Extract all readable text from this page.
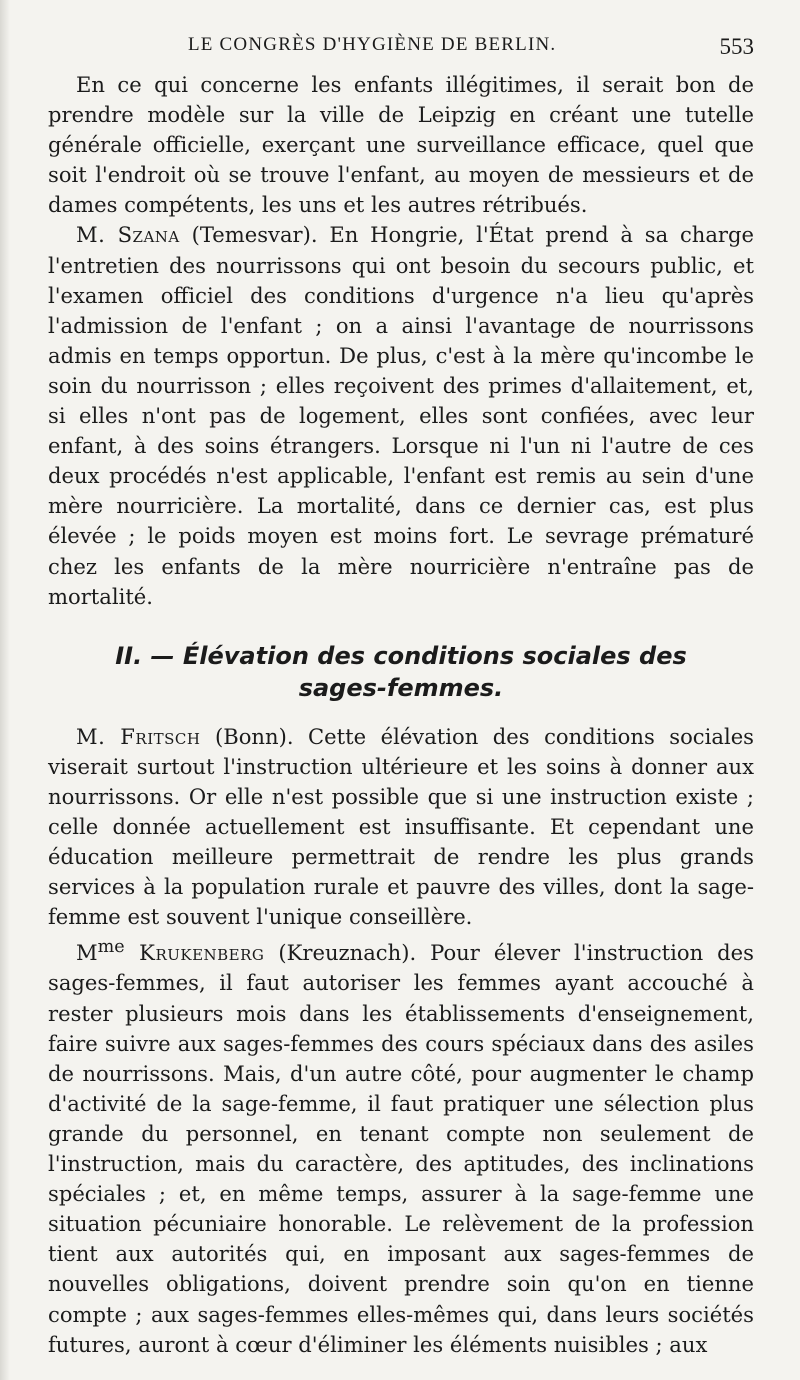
LE CONGRÈS D'HYGIÈNE DE BERLIN.	553

En ce qui concerne les enfants illégitimes, il serait bon de prendre modèle sur la ville de Leipzig en créant une tutelle générale officielle, exerçant une surveillance efficace, quel que soit l'endroit où se trouve l'enfant, au moyen de messieurs et de dames compétents, les uns et les autres rétribués.

M. Szana (Temesvar). En Hongrie, l'État prend à sa charge l'entretien des nourrissons qui ont besoin du secours public, et l'examen officiel des conditions d'urgence n'a lieu qu'après l'admission de l'enfant ; on a ainsi l'avantage de nourrissons admis en temps opportun. De plus, c'est à la mère qu'incombe le soin du nourrisson ; elles reçoivent des primes d'allaitement, et, si elles n'ont pas de logement, elles sont confiées, avec leur enfant, à des soins étrangers. Lorsque ni l'un ni l'autre de ces deux procédés n'est applicable, l'enfant est remis au sein d'une mère nourricière. La mortalité, dans ce dernier cas, est plus élevée ; le poids moyen est moins fort. Le sevrage prématuré chez les enfants de la mère nourricière n'entraîne pas de mortalité.

II. — Élévation des conditions sociales des
sages-femmes.

M. Fritsch (Bonn). Cette élévation des conditions sociales viserait surtout l'instruction ultérieure et les soins à donner aux nourrissons. Or elle n'est possible que si une instruction existe ; celle donnée actuellement est insuffisante. Et cependant une éducation meilleure permettrait de rendre les plus grands services à la population rurale et pauvre des villes, dont la sage-femme est souvent l'unique conseillère.

$M^{me}$ Krukenberg (Kreuznach). Pour élever l'instruction des sages-femmes, il faut autoriser les femmes ayant accouché à rester plusieurs mois dans les établissements d'enseignement, faire suivre aux sages-femmes des cours spéciaux dans des asiles de nourrissons. Mais, d'un autre côté, pour augmenter le champ d'activité de la sage-femme, il faut pratiquer une sélection plus grande du personnel, en tenant compte non seulement de l'instruction, mais du caractère, des aptitudes, des inclinations spéciales ; et, en même temps, assurer à la sage-femme une situation pécuniaire honorable. Le relèvement de la profession tient aux autorités qui, en imposant aux sages-femmes de nouvelles obligations, doivent prendre soin qu'on en tienne compte ; aux sages-femmes elles-mêmes qui, dans leurs sociétés futures, auront à cœur d'éliminer les éléments nuisibles ; aux
